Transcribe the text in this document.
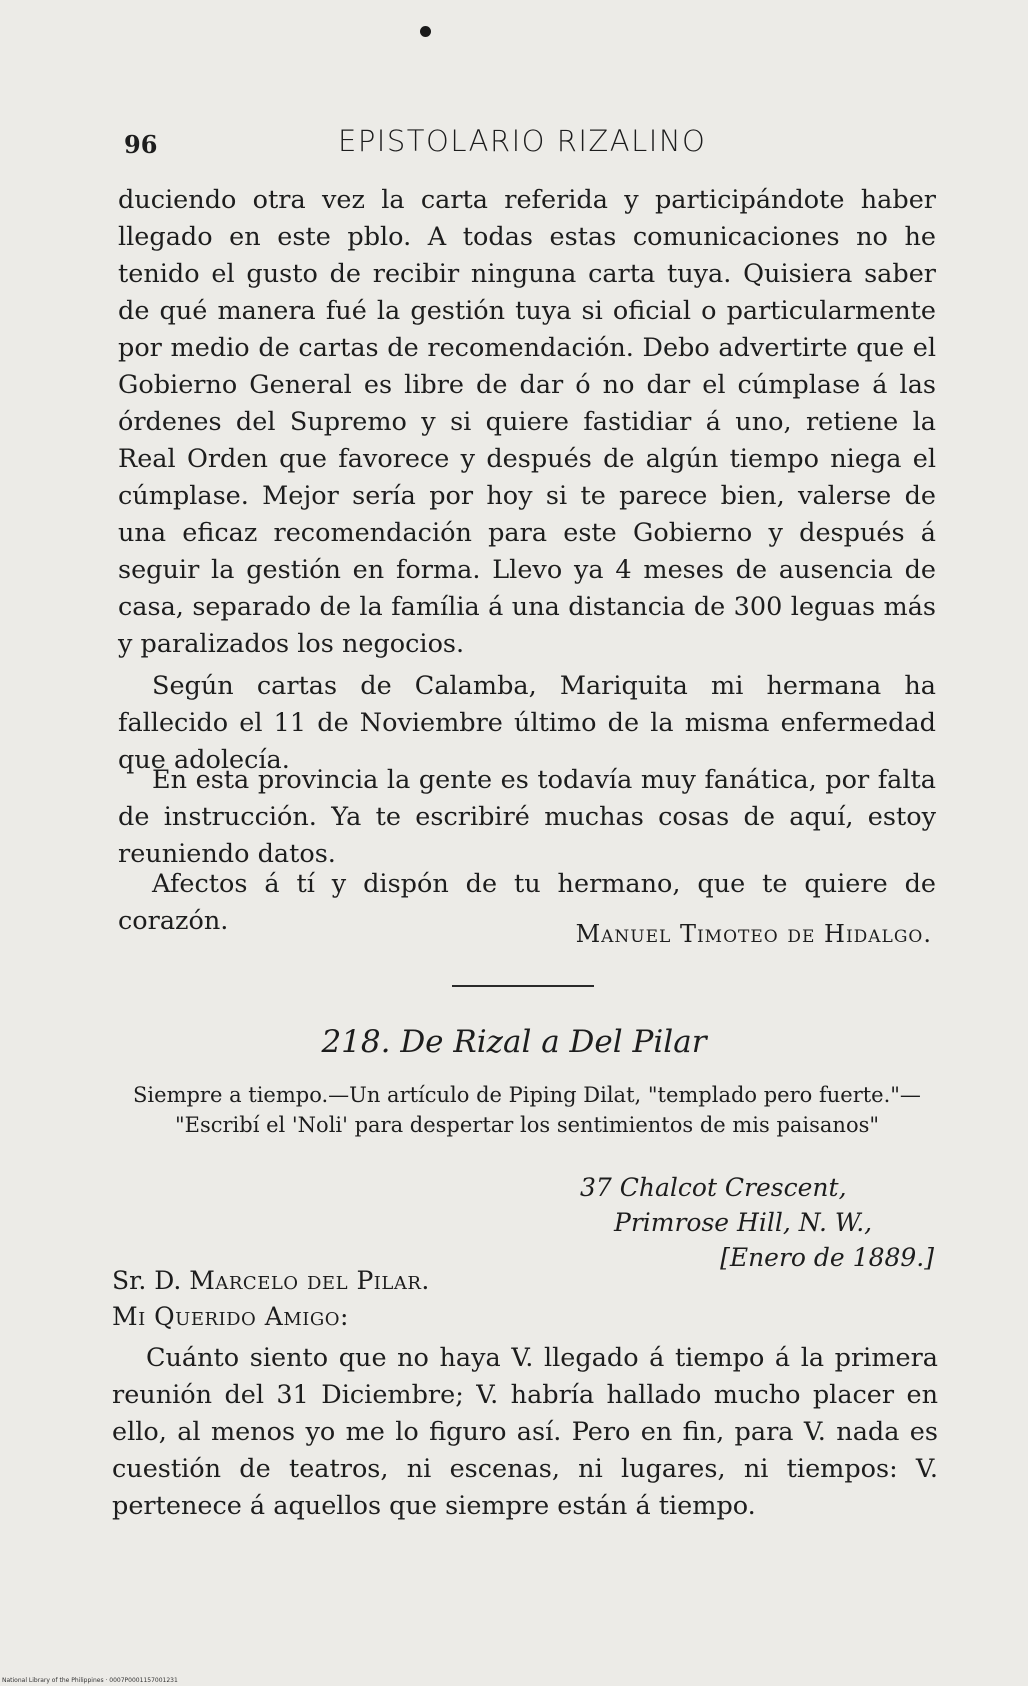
96	EPISTOLARIO RIZALINO
duciendo otra vez la carta referida y participándote haber llegado en este pblo. A todas estas comunicaciones no he tenido el gusto de recibir ninguna carta tuya. Quisiera saber de qué manera fué la gestión tuya si oficial o particularmente por medio de cartas de recomendación. Debo advertirte que el Gobierno General es libre de dar ó no dar el cúmplase á las órdenes del Supremo y si quiere fastidiar á uno, retiene la Real Orden que favorece y después de algún tiempo niega el cúmplase. Mejor sería por hoy si te parece bien, valerse de una eficaz recomendación para este Gobierno y después á seguir la gestión en forma. Llevo ya 4 meses de ausencia de casa, separado de la família á una distancia de 300 leguas más y paralizados los negocios.
Según cartas de Calamba, Mariquita mi hermana ha fallecido el 11 de Noviembre último de la misma enfermedad que adolecía.
En esta provincia la gente es todavía muy fanática, por falta de instrucción. Ya te escribiré muchas cosas de aquí, estoy reuniendo datos.
Afectos á tí y dispón de tu hermano, que te quiere de corazón.	Manuel Timoteo de Hidalgo.
218. De Rizal a Del Pilar
Siempre a tiempo.—Un artículo de Piping Dilat, "templado pero fuerte."—
"Escribí el 'Noli' para despertar los sentimientos de mis paisanos"
37 Chalcot Crescent,
Primrose Hill, N. W.,
[Enero de 1889.]
Sr. D. Marcelo del Pilar.
Mi Querido Amigo:
Cuánto siento que no haya V. llegado á tiempo á la primera reunión del 31 Diciembre; V. habría hallado mucho placer en ello, al menos yo me lo figuro así. Pero en fin, para V. nada es cuestión de teatros, ni escenas, ni lugares, ni tiempos: V. pertenece á aquellos que siempre están á tiempo.
National Library of the Philippines · 0007P0001157001231
